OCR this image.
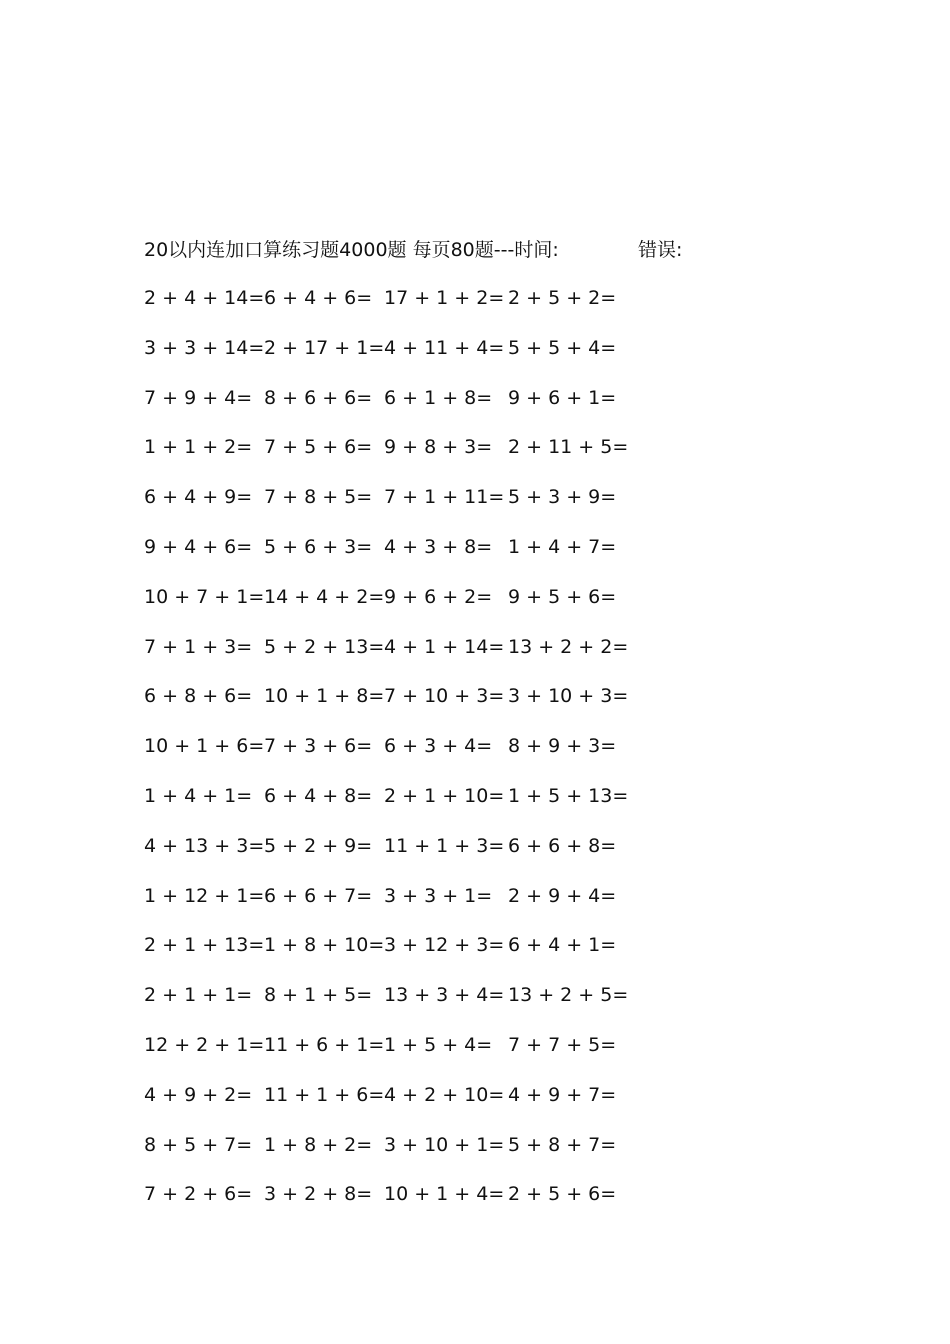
20以内连加口算练习题4000题 每页80题---时间:	错误:
2 + 4 + 14= 6 + 4 + 6= 17 + 1 + 2= 2 + 5 + 2=
3 + 3 + 14= 2 + 17 + 1= 4 + 11 + 4= 5 + 5 + 4=
7 + 9 + 4= 8 + 6 + 6= 6 + 1 + 8= 9 + 6 + 1=
1 + 1 + 2= 7 + 5 + 6= 9 + 8 + 3= 2 + 11 + 5=
6 + 4 + 9= 7 + 8 + 5= 7 + 1 + 11= 5 + 3 + 9=
9 + 4 + 6= 5 + 6 + 3= 4 + 3 + 8= 1 + 4 + 7=
10 + 7 + 1= 14 + 4 + 2= 9 + 6 + 2= 9 + 5 + 6=
7 + 1 + 3= 5 + 2 + 13= 4 + 1 + 14= 13 + 2 + 2=
6 + 8 + 6= 10 + 1 + 8= 7 + 10 + 3= 3 + 10 + 3=
10 + 1 + 6= 7 + 3 + 6= 6 + 3 + 4= 8 + 9 + 3=
1 + 4 + 1= 6 + 4 + 8= 2 + 1 + 10= 1 + 5 + 13=
4 + 13 + 3= 5 + 2 + 9= 11 + 1 + 3= 6 + 6 + 8=
1 + 12 + 1= 6 + 6 + 7= 3 + 3 + 1= 2 + 9 + 4=
2 + 1 + 13= 1 + 8 + 10= 3 + 12 + 3= 6 + 4 + 1=
2 + 1 + 1= 8 + 1 + 5= 13 + 3 + 4= 13 + 2 + 5=
12 + 2 + 1= 11 + 6 + 1= 1 + 5 + 4= 7 + 7 + 5=
4 + 9 + 2= 11 + 1 + 6= 4 + 2 + 10= 4 + 9 + 7=
8 + 5 + 7= 1 + 8 + 2= 3 + 10 + 1= 5 + 8 + 7=
7 + 2 + 6= 3 + 2 + 8= 10 + 1 + 4= 2 + 5 + 6=
